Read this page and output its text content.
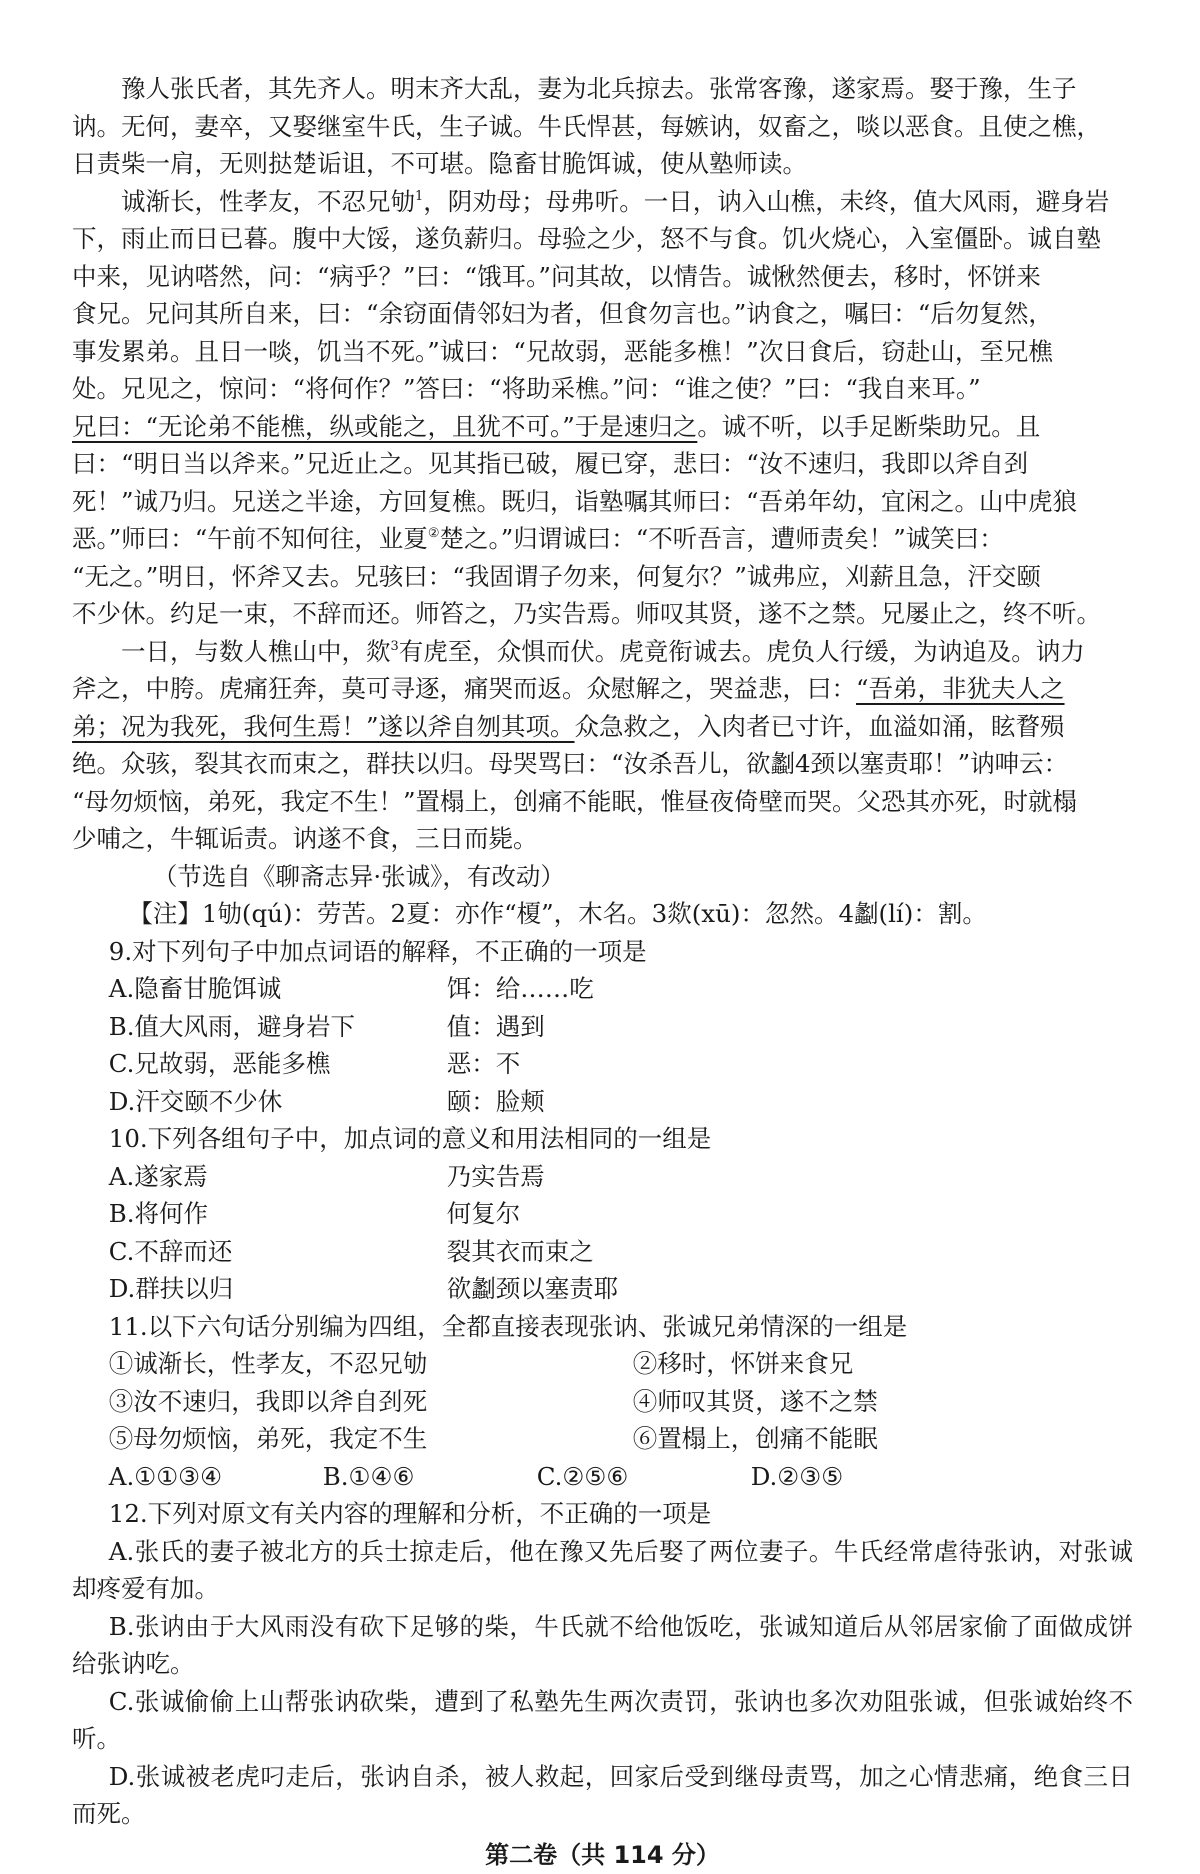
豫人张氏者，其先齐人。明末齐大乱，妻为北兵掠去。张常客豫，遂家焉。娶于豫，生子
讷。无何，妻卒，又娶继室牛氏，生子诚。牛氏悍甚，每嫉讷，奴畜之，啖以恶食。且使之樵，
日责柴一肩，无则挞楚诟诅，不可堪。隐畜甘脆饵诚，使从塾师读。
诚渐长，性孝友，不忍兄劬$^1$，阴劝母；母弗听。一日，讷入山樵，未终，值大风雨，避身岩
下，雨止而日已暮。腹中大馁，遂负薪归。母验之少，怒不与食。饥火烧心，入室僵卧。诚自塾
中来，见讷嗒然，问：“病乎？”曰：“饿耳。”问其故，以情告。诚愀然便去，移时，怀饼来
食兄。兄问其所自来，曰：“余窃面倩邻妇为者，但食勿言也。”讷食之，嘱曰：“后勿复然，
事发累弟。且日一啖，饥当不死。”诚曰：“兄故弱，恶能多樵！”次日食后，窃赴山，至兄樵
处。兄见之，惊问：“将何作？”答曰：“将助采樵。”问：“谁之使？”曰：“我自来耳。”
兄曰：“无论弟不能樵，纵或能之，且犹不可。”于是速归之。诚不听，以手足断柴助兄。且
曰：“明日当以斧来。”兄近止之。见其指已破，履已穿，悲曰：“汝不速归，我即以斧自刭
死！”诚乃归。兄送之半途，方回复樵。既归，诣塾嘱其师曰：“吾弟年幼，宜闲之。山中虎狼
恶。”师曰：“午前不知何往，业夏②楚之。”归谓诚曰：“不听吾言，遭师责矣！”诚笑曰：
“无之。”明日，怀斧又去。兄骇曰：“我固谓子勿来，何复尔？”诚弗应，刈薪且急，汗交颐
不少休。约足一束，不辞而还。师笞之，乃实告焉。师叹其贤，遂不之禁。兄屡止之，终不听。
一日，与数人樵山中，欻$^3$有虎至，众惧而伏。虎竟衔诚去。虎负人行缓，为讷追及。讷力
斧之，中胯。虎痛狂奔，莫可寻逐，痛哭而返。众慰解之，哭益悲，曰：“吾弟，非犹夫人之
弟；况为我死，我何生焉！”遂以斧自刎其项。众急救之，入肉者已寸许，血溢如涌，眩瞀殒
绝。众骇，裂其衣而束之，群扶以归。母哭骂曰：“汝杀吾儿，欲劙4颈以塞责耶！”讷呻云：
“母勿烦恼，弟死，我定不生！”置榻上，创痛不能眠，惟昼夜倚壁而哭。父恐其亦死，时就榻
少哺之，牛辄诟责。讷遂不食，三日而毙。
（节选自《聊斋志异·张诚》，有改动）
【注】1劬(qú)：劳苦。2夏：亦作“榎”，木名。3欻(xū)：忽然。4劙(lí)：割。
9.对下列句子中加点词语的解释，不正确的一项是
A.隐畜甘脆饵诚	饵：给……吃
B.值大风雨，避身岩下	值：遇到
C.兄故弱，恶能多樵	恶：不
D.汗交颐不少休	颐：脸颊
10.下列各组句子中，加点词的意义和用法相同的一组是
A.遂家焉	乃实告焉
B.将何作	何复尔
C.不辞而还	裂其衣而束之
D.群扶以归	欲劙颈以塞责耶
11.以下六句话分别编为四组，全都直接表现张讷、张诚兄弟情深的一组是
①诚渐长，性孝友，不忍兄劬	②移时，怀饼来食兄
③汝不速归，我即以斧自刭死	④师叹其贤，遂不之禁
⑤母勿烦恼，弟死，我定不生	⑥置榻上，创痛不能眠
A.①①③④	B.①④⑥	C.②⑤⑥	D.②③⑤
12.下列对原文有关内容的理解和分析，不正确的一项是
A.张氏的妻子被北方的兵士掠走后，他在豫又先后娶了两位妻子。牛氏经常虐待张讷，对张诚却疼爱有加。
B.张讷由于大风雨没有砍下足够的柴，牛氏就不给他饭吃，张诚知道后从邻居家偷了面做成饼给张讷吃。
C.张诚偷偷上山帮张讷砍柴，遭到了私塾先生两次责罚，张讷也多次劝阻张诚，但张诚始终不听。
D.张诚被老虎叼走后，张讷自杀，被人救起，回家后受到继母责骂，加之心情悲痛，绝食三日而死。
第二卷（共 114 分）
